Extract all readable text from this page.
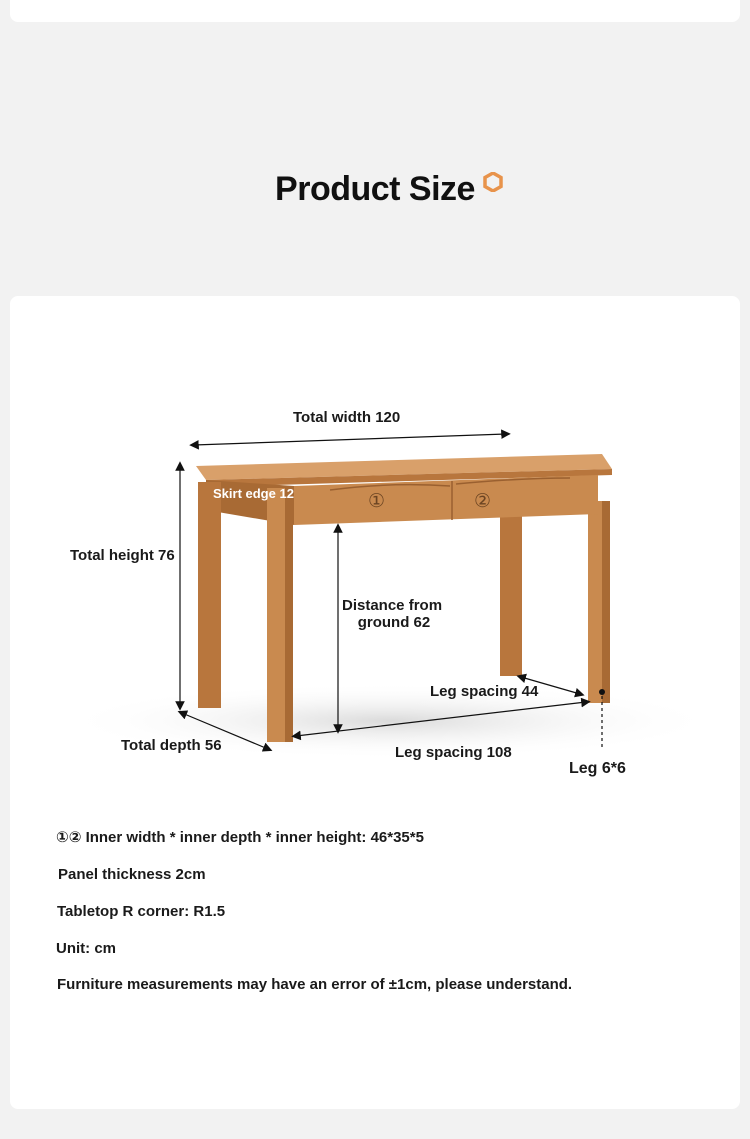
Product Size
Total width 120
Skirt edge 12	①	②
Total height 76
Distance from
ground 62
Leg spacing 44
Total depth 56	Leg spacing 108
Leg 6*6
①② Inner width * inner depth * inner height: 46*35*5
Panel thickness 2cm
Tabletop R corner: R1.5
Unit: cm
Furniture measurements may have an error of ±1cm, please understand.
